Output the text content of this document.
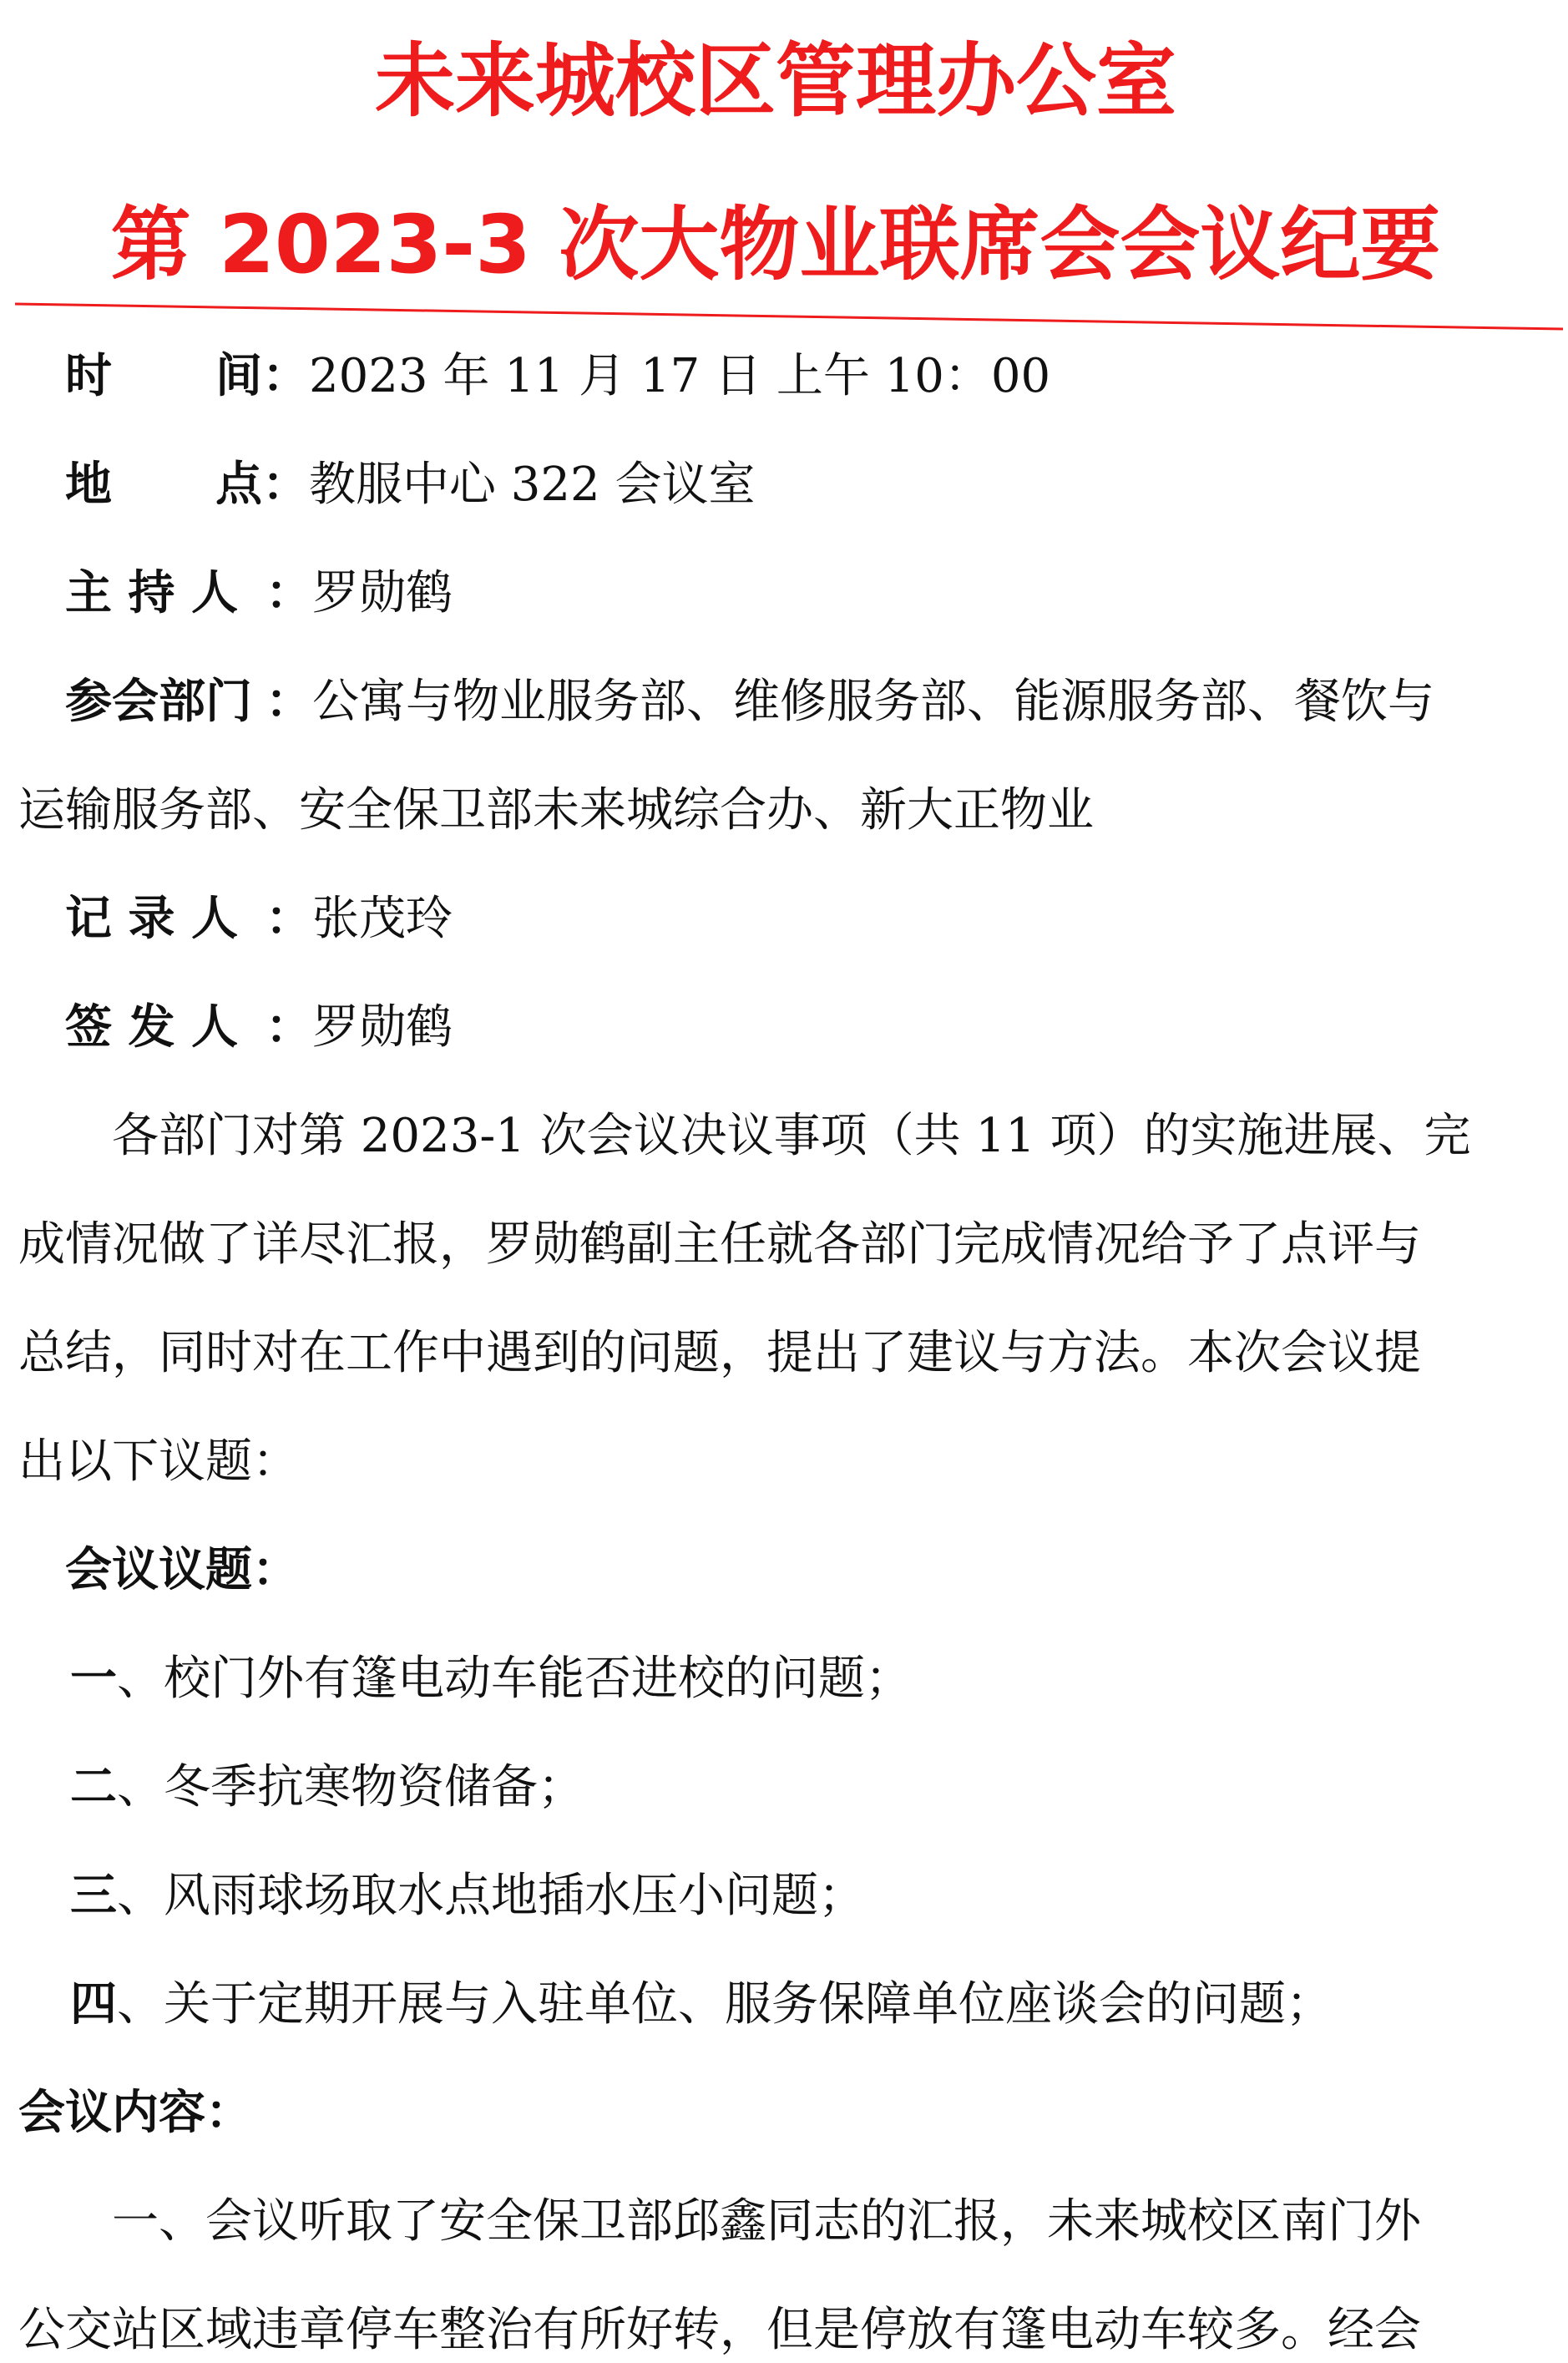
未来城校区管理办公室
第 2023-3 次大物业联席会会议纪要
时 间：2023 年 11 月 17 日 上午 10：00
地 点：教服中心 322 会议室
主 持 人 ：罗勋鹤
参会部门 ：公寓与物业服务部、维修服务部、能源服务部、餐饮与
运输服务部、安全保卫部未来城综合办、新大正物业
记 录 人 ：张茂玲
签 发 人 ：罗勋鹤
各部门对第 2023-1 次会议决议事项（共 11 项）的实施进展、完
成情况做了详尽汇报，罗勋鹤副主任就各部门完成情况给予了点评与
总结，同时对在工作中遇到的问题，提出了建议与方法。本次会议提
出以下议题：
会议议题：
一、校门外有篷电动车能否进校的问题；
二、冬季抗寒物资储备；
三、风雨球场取水点地插水压小问题；
四、关于定期开展与入驻单位、服务保障单位座谈会的问题；
会议内容：
一、会议听取了安全保卫部邱鑫同志的汇报，未来城校区南门外
公交站区域违章停车整治有所好转，但是停放有篷电动车较多。经会
